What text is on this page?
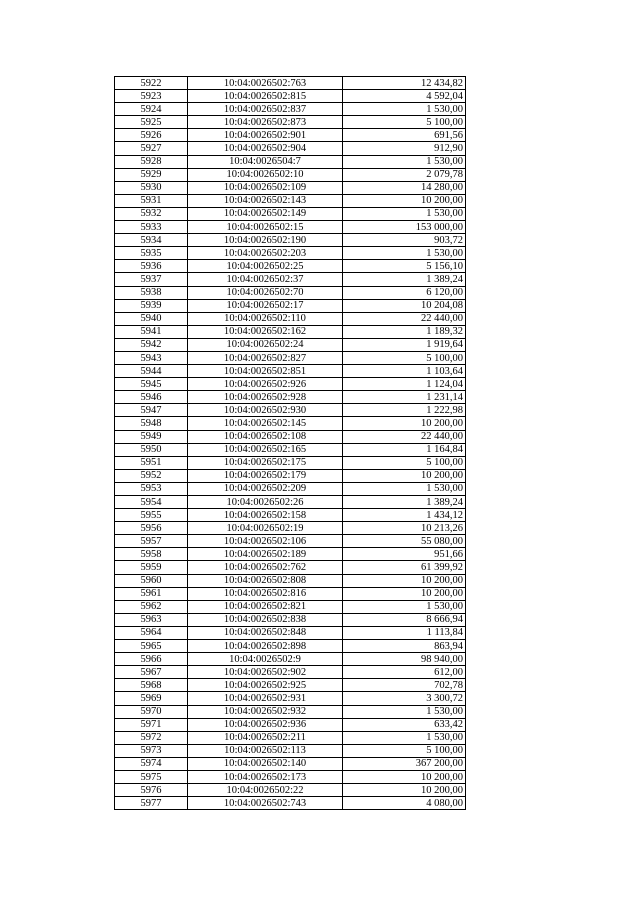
5922	10:04:0026502:763	12 434,82
5923	10:04:0026502:815	4 592,04
5924	10:04:0026502:837	1 530,00
5925	10:04:0026502:873	5 100,00
5926	10:04:0026502:901	691,56
5927	10:04:0026502:904	912,90
5928	10:04:0026504:7	1 530,00
5929	10:04:0026502:10	2 079,78
5930	10:04:0026502:109	14 280,00
5931	10:04:0026502:143	10 200,00
5932	10:04:0026502:149	1 530,00
5933	10:04:0026502:15	153 000,00
5934	10:04:0026502:190	903,72
5935	10:04:0026502:203	1 530,00
5936	10:04:0026502:25	5 156,10
5937	10:04:0026502:37	1 389,24
5938	10:04:0026502:70	6 120,00
5939	10:04:0026502:17	10 204,08
5940	10:04:0026502:110	22 440,00
5941	10:04:0026502:162	1 189,32
5942	10:04:0026502:24	1 919,64
5943	10:04:0026502:827	5 100,00
5944	10:04:0026502:851	1 103,64
5945	10:04:0026502:926	1 124,04
5946	10:04:0026502:928	1 231,14
5947	10:04:0026502:930	1 222,98
5948	10:04:0026502:145	10 200,00
5949	10:04:0026502:108	22 440,00
5950	10:04:0026502:165	1 164,84
5951	10:04:0026502:175	5 100,00
5952	10:04:0026502:179	10 200,00
5953	10:04:0026502:209	1 530,00
5954	10:04:0026502:26	1 389,24
5955	10:04:0026502:158	1 434,12
5956	10:04:0026502:19	10 213,26
5957	10:04:0026502:106	55 080,00
5958	10:04:0026502:189	951,66
5959	10:04:0026502:762	61 399,92
5960	10:04:0026502:808	10 200,00
5961	10:04:0026502:816	10 200,00
5962	10:04:0026502:821	1 530,00
5963	10:04:0026502:838	8 666,94
5964	10:04:0026502:848	1 113,84
5965	10:04:0026502:898	863,94
5966	10:04:0026502:9	98 940,00
5967	10:04:0026502:902	612,00
5968	10:04:0026502:925	702,78
5969	10:04:0026502:931	3 300,72
5970	10:04:0026502:932	1 530,00
5971	10:04:0026502:936	633,42
5972	10:04:0026502:211	1 530,00
5973	10:04:0026502:113	5 100,00
5974	10:04:0026502:140	367 200,00
5975	10:04:0026502:173	10 200,00
5976	10:04:0026502:22	10 200,00
5977	10:04:0026502:743	4 080,00
